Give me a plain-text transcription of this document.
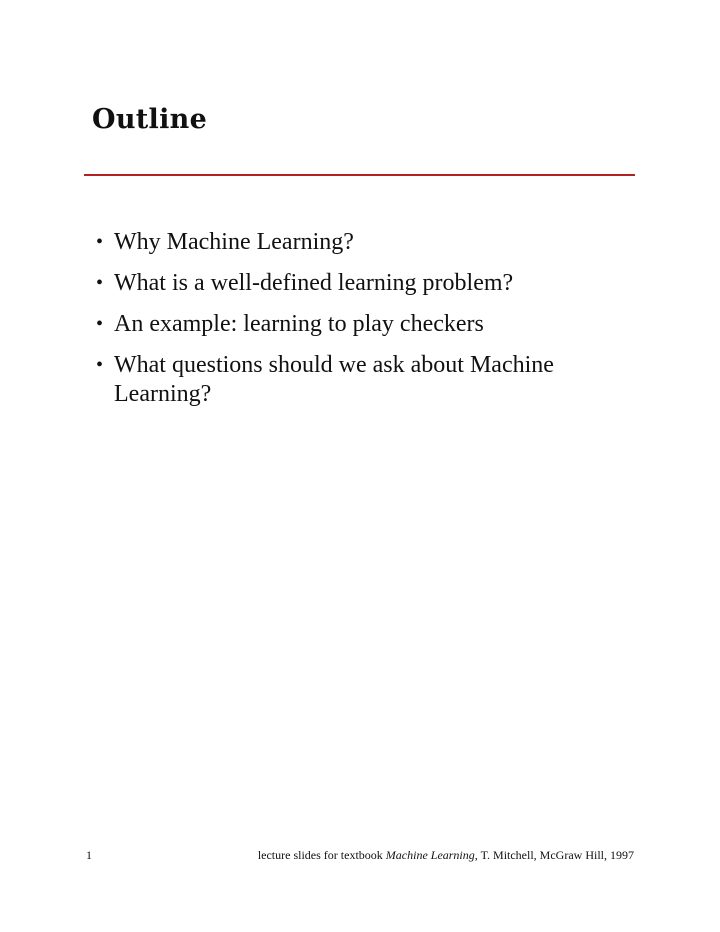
Outline
• Why Machine Learning?
• What is a well-defined learning problem?
• An example: learning to play checkers
• What questions should we ask about Machine Learning?
1	lecture slides for textbook Machine Learning, T. Mitchell, McGraw Hill, 1997
